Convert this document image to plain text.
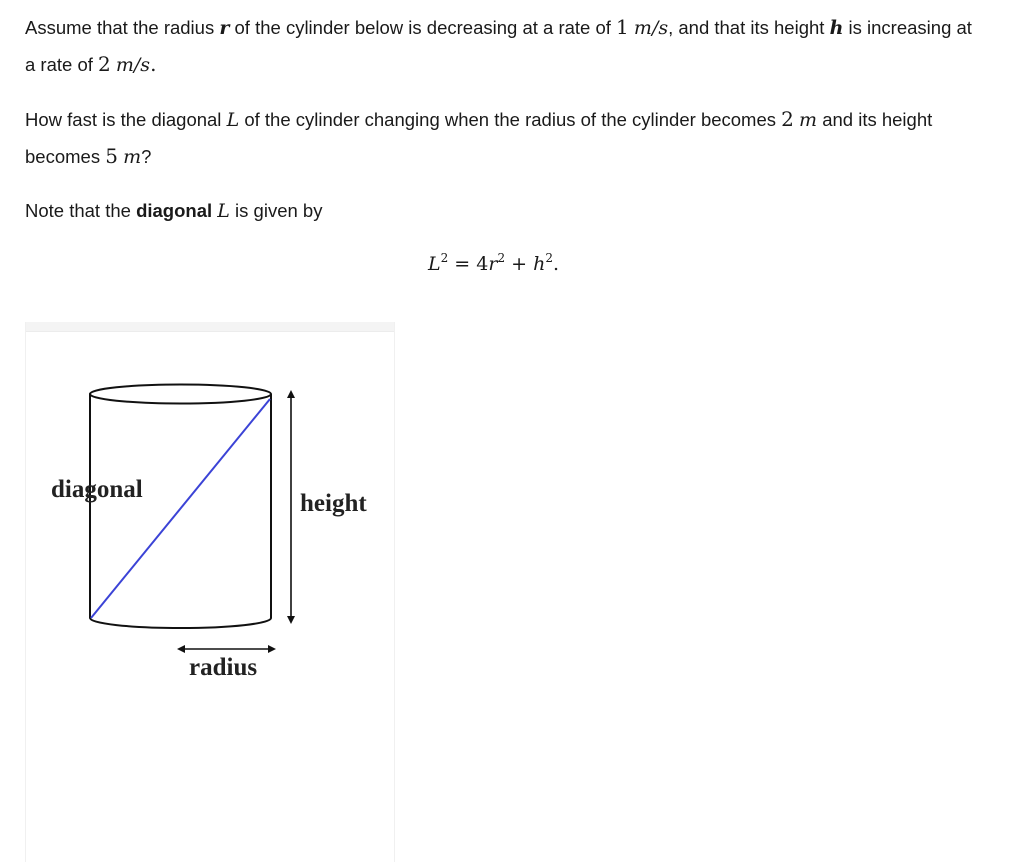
Assume that the radius r of the cylinder below is decreasing at a rate of 1 m/s, and that its height h is increasing at a rate of 2 m/s.

How fast is the diagonal L of the cylinder changing when the radius of the cylinder becomes 2 m and its height becomes 5 m?

Note that the diagonal L is given by

$L^2 = 4r^2 + h^2$.
diagonal
height
radius
